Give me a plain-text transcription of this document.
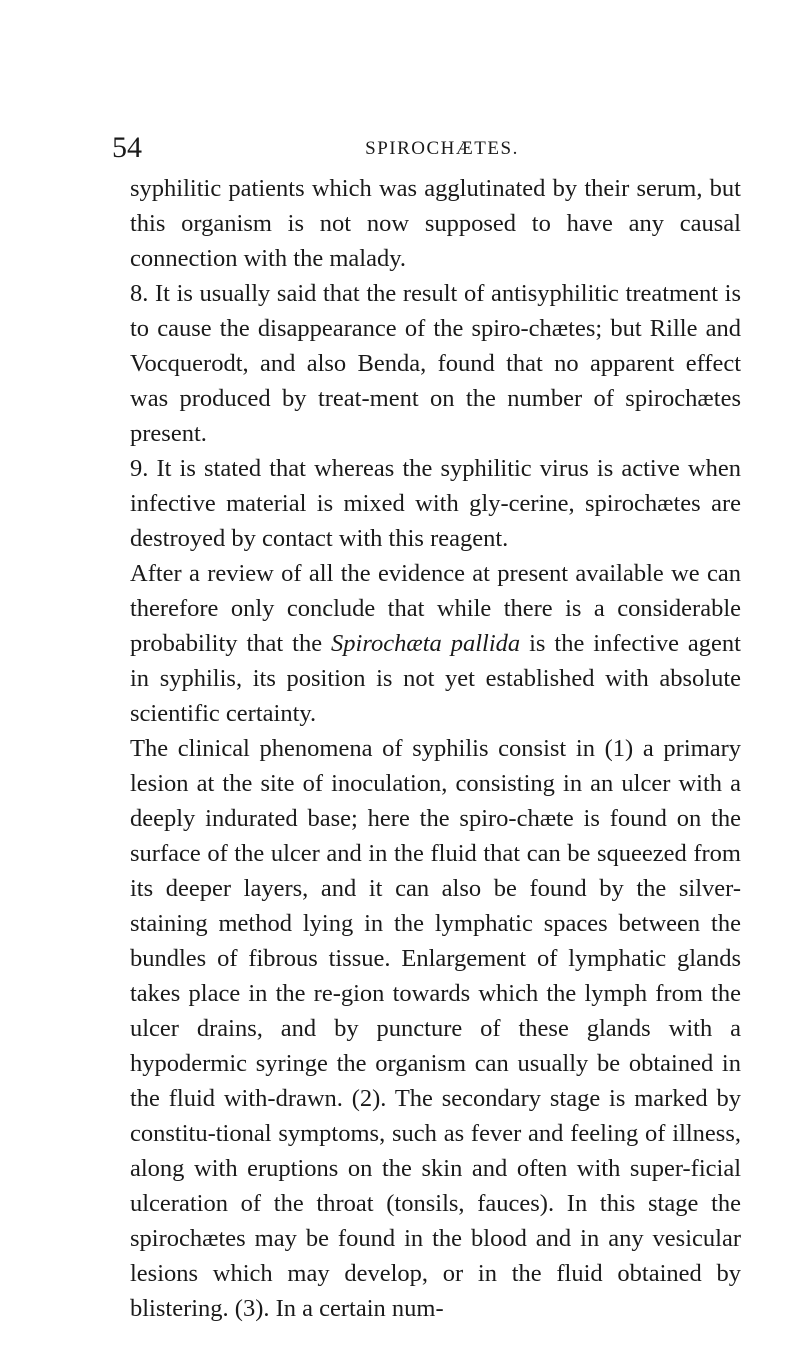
54	SPIROCHÆTES.

syphilitic patients which was agglutinated by their serum, but this organism is not now supposed to have any causal connection with the malady.

8. It is usually said that the result of antisyphilitic treatment is to cause the disappearance of the spiro-chætes; but Rille and Vocquerodt, and also Benda, found that no apparent effect was produced by treat-ment on the number of spirochætes present.

9. It is stated that whereas the syphilitic virus is active when infective material is mixed with gly-cerine, spirochætes are destroyed by contact with this reagent.

After a review of all the evidence at present available we can therefore only conclude that while there is a considerable probability that the Spirochæta pallida is the infective agent in syphilis, its position is not yet established with absolute scientific certainty.

The clinical phenomena of syphilis consist in (1) a primary lesion at the site of inoculation, consisting in an ulcer with a deeply indurated base; here the spiro-chæte is found on the surface of the ulcer and in the fluid that can be squeezed from its deeper layers, and it can also be found by the silver-staining method lying in the lymphatic spaces between the bundles of fibrous tissue. Enlargement of lymphatic glands takes place in the re-gion towards which the lymph from the ulcer drains, and by puncture of these glands with a hypodermic syringe the organism can usually be obtained in the fluid with-drawn. (2). The secondary stage is marked by constitu-tional symptoms, such as fever and feeling of illness, along with eruptions on the skin and often with super-ficial ulceration of the throat (tonsils, fauces). In this stage the spirochætes may be found in the blood and in any vesicular lesions which may develop, or in the fluid obtained by blistering. (3). In a certain num-
